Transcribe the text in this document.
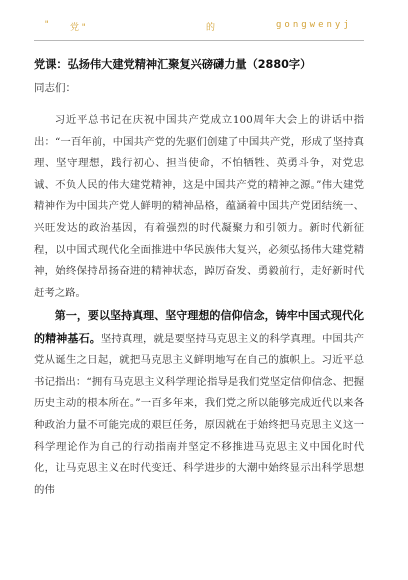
" 党"	的	gongwenyj
党课：弘扬伟大建党精神汇聚复兴磅礴力量（2880字）
同志们：

习近平总书记在庆祝中国共产党成立100周年大会上的讲话中指出：“一百年前，中国共产党的先驱们创建了中国共产党，形成了坚持真理、坚守理想，践行初心、担当使命，不怕牺牲、英勇斗争，对党忠诚、不负人民的伟大建党精神，这是中国共产党的精神之源。”伟大建党精神作为中国共产党人鲜明的精神品格，蕴涵着中国共产党团结统一、兴旺发达的政治基因，有着强烈的时代凝聚力和引领力。新时代新征程，以中国式现代化全面推进中华民族伟大复兴，必须弘扬伟大建党精神，始终保持昂扬奋进的精神状态，踔厉奋发、勇毅前行，走好新时代赶考之路。

第一，要以坚持真理、坚守理想的信仰信念，铸牢中国式现代化的精神基石。坚持真理，就是要坚持马克思主义的科学真理。中国共产党从诞生之日起，就把马克思主义鲜明地写在自己的旗帜上。习近平总书记指出：“拥有马克思主义科学理论指导是我们党坚定信仰信念、把握历史主动的根本所在。”一百多年来，我们党之所以能够完成近代以来各种政治力量不可能完成的艰巨任务，原因就在于始终把马克思主义这一科学理论作为自己的行动指南并坚定不移推进马克思主义中国化时代化，让马克思主义在时代变迁、科学进步的大潮中始终显示出科学思想的伟
